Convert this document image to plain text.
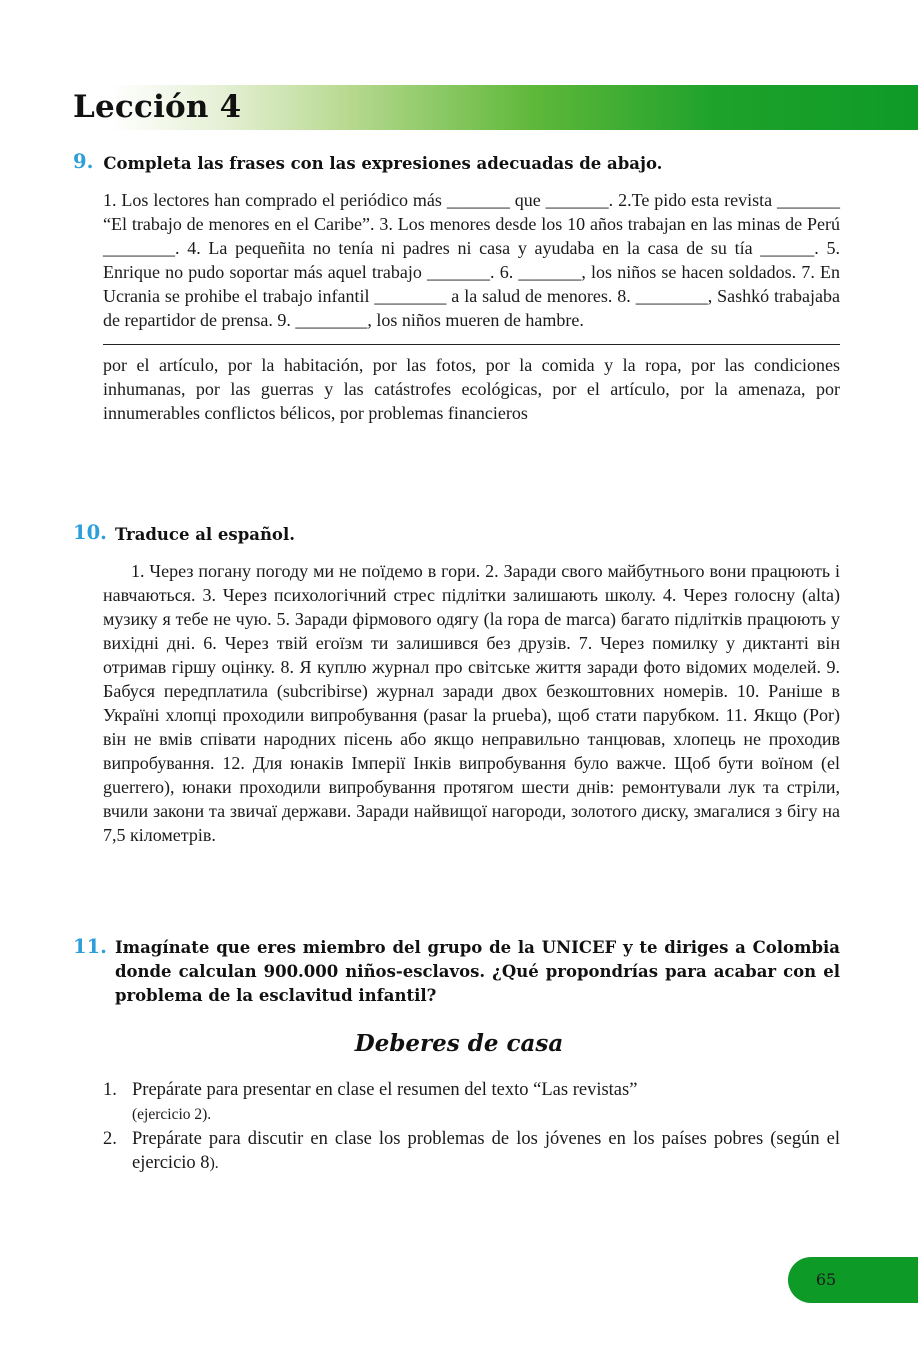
Lección 4
9. Completa las frases con las expresiones adecuadas de abajo.

1. Los lectores han comprado el periódico más _______ que _______. 2.Te pido esta revista _______ “El trabajo de menores en el Caribe”. 3. Los menores desde los 10 años trabajan en las minas de Perú ________. 4. La pequeñita no tenía ni padres ni casa y ayudaba en la casa de su tía ______. 5. Enrique no pudo soportar más aquel trabajo _______. 6. _______, los niños se hacen soldados. 7. En Ucrania se prohibe el trabajo infantil ________ a la salud de menores. 8. ________, Sashkó trabajaba de repartidor de prensa. 9. ________, los niños mueren de hambre.

por el artículo, por la habitación, por las fotos, por la comida y la ropa, por las condiciones inhumanas, por las guerras y las catástrofes ecológicas, por el artículo, por la amenaza, por innumerables conflictos bélicos, por problemas financieros

10. Traduce al español.

1. Через погану погоду ми не поїдемо в гори. 2. Заради свого майбутнього вони працюють і навчаються. 3. Через психологічний стрес підлітки залишають школу. 4. Через голосну (alta) музику я тебе не чую. 5. Заради фірмового одягу (la ropa de marca) багато підлітків працюють у вихідні дні. 6. Через твій егоїзм ти залишився без друзів. 7. Через помилку у диктанті він отримав гіршу оцінку. 8. Я куплю журнал про світське життя заради фото відомих моделей. 9. Бабуся передплатила (subcribirse) журнал заради двох безкоштовних номерів. 10. Раніше в Україні хлопці проходили випробування (pasar la prueba), щоб стати парубком. 11. Якщо (Por) він не вмів співати народних пісень або якщо неправильно танцював, хлопець не проходив випробування. 12. Для юнаків Імперії Інків випробування було важче. Щоб бути воїном (el guerrero), юнаки проходили випробування протягом шести днів: ремонтували лук та стріли, вчили закони та звичаї держави. Заради найвищої нагороди, золотого диску, змагалися з бігу на 7,5 кілометрів.

11. Imagínate que eres miembro del grupo de la UNICEF y te diriges a Colombia donde calculan 900.000 niños-esclavos. ¿Qué propondrías para acabar con el problema de la esclavitud infantil?
Deberes de casa
1. Prepárate para presentar en clase el resumen del texto “Las revistas”
(ejercicio 2).
2. Prepárate para discutir en clase los problemas de los jóvenes en los países pobres (según el ejercicio 8).
65
